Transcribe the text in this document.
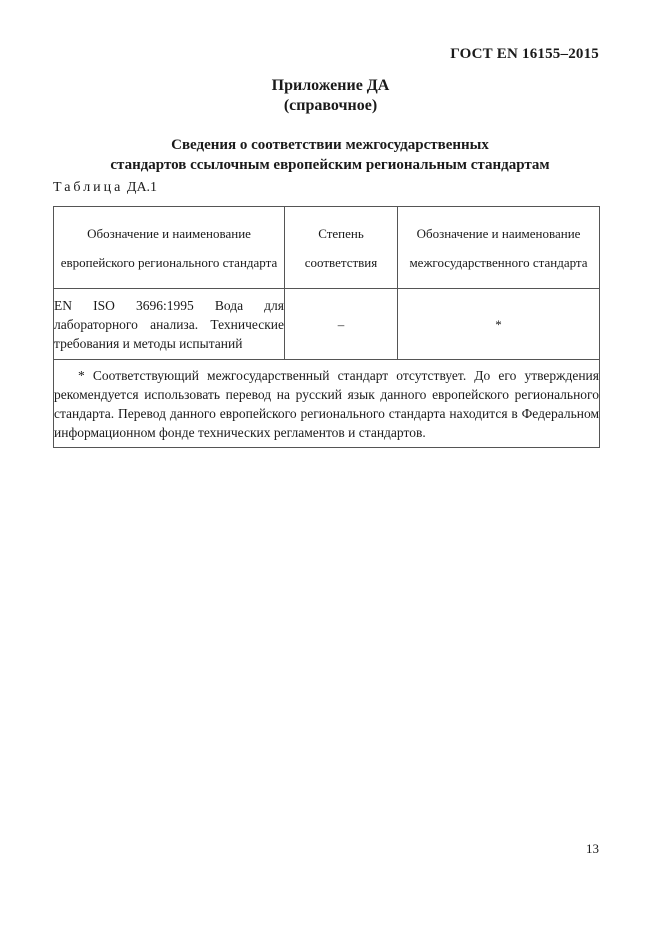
ГОСТ EN 16155–2015
Приложение ДА
(справочное)
Сведения о соответствии межгосударственных
стандартов ссылочным европейским региональным стандартам
Таблица ДА.1
Обозначение и наименование европейского регионального стандарта	Степень соответствия	Обозначение и наименование межгосударственного стандарта
EN ISO 3696:1995 Вода для лабораторного анализа. Технические требования и методы испытаний	–	*

* Соответствующий межгосударственный стандарт отсутствует. До его утверждения рекомендуется использовать перевод на русский язык данного европейского регионального стандарта. Перевод данного европейского регионального стандарта находится в Федеральном информационном фонде технических регламентов и стандартов.		
13
